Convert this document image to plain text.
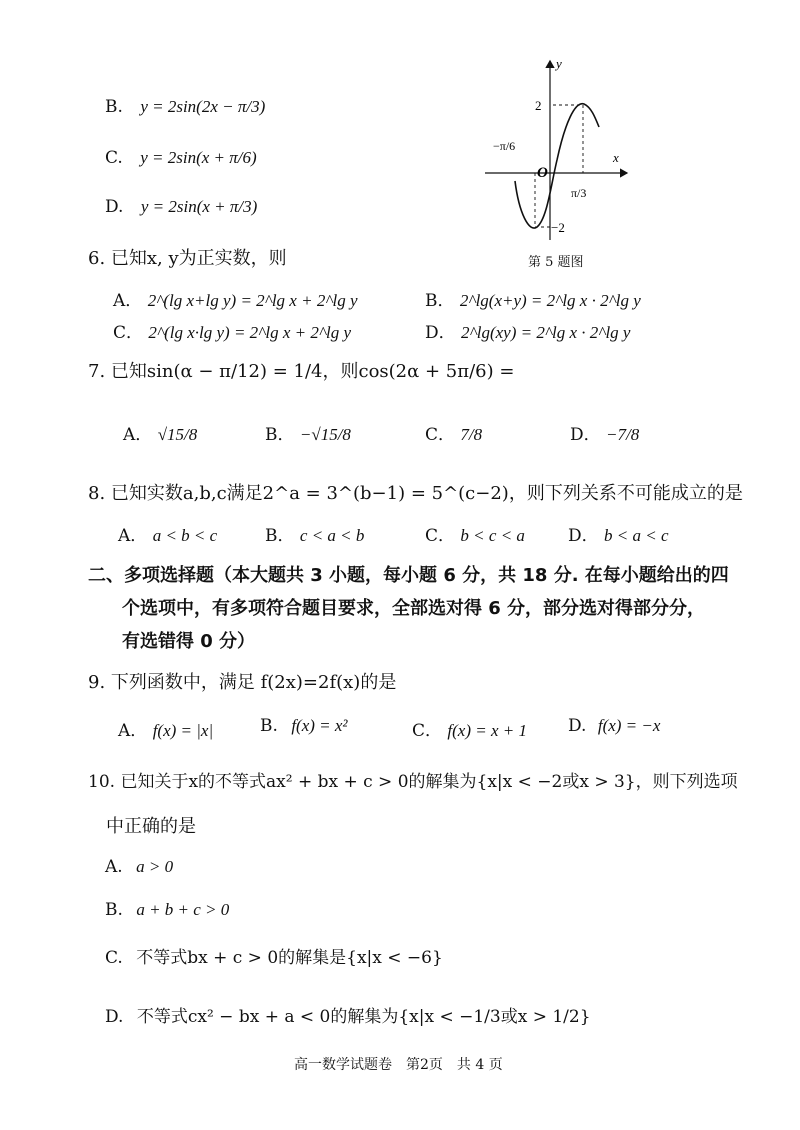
B. y = 2sin(2x − π/3)
C. y = 2sin(x + π/6)
D. y = 2sin(x + π/3)
y
x
O
2
−2
−π/6
π/3
第 5 题图
6. 已知x, y为正实数，则
A． 2^(lg x+lg y) = 2^lg x + 2^lg y	B． 2^lg(x+y) = 2^lg x · 2^lg y
C． 2^(lg x·lg y) = 2^lg x + 2^lg y	D． 2^lg(xy) = 2^lg x · 2^lg y
7. 已知sin(α − π/12) = 1/4，则cos(2α + 5π/6) =
A． √15/8	B． −√15/8	C． 7/8	D． −7/8
8. 已知实数a,b,c满足2^a = 3^(b−1) = 5^(c−2)，则下列关系不可能成立的是
A． a < b < c	B． c < a < b	C． b < c < a	D． b < a < c
二、多项选择题（本大题共 3 小题，每小题 6 分，共 18 分. 在每小题给出的四
个选项中，有多项符合题目要求，全部选对得 6 分，部分选对得部分分，
有选错得 0 分）
9. 下列函数中，满足 f(2x)=2f(x)的是
A． f(x) = |x|	B. f(x) = x²	C． f(x) = x + 1 D. f(x) = −x
10. 已知关于x的不等式ax² + bx + c > 0的解集为{x|x < −2或x > 3}，则下列选项
中正确的是
A. a > 0
B. a + b + c > 0
C. 不等式bx + c > 0的解集是{x|x < −6}
D. 不等式cx² − bx + a < 0的解集为{x|x < −1/3或x > 1/2}
高一数学试题卷　第2页　共 4 页
